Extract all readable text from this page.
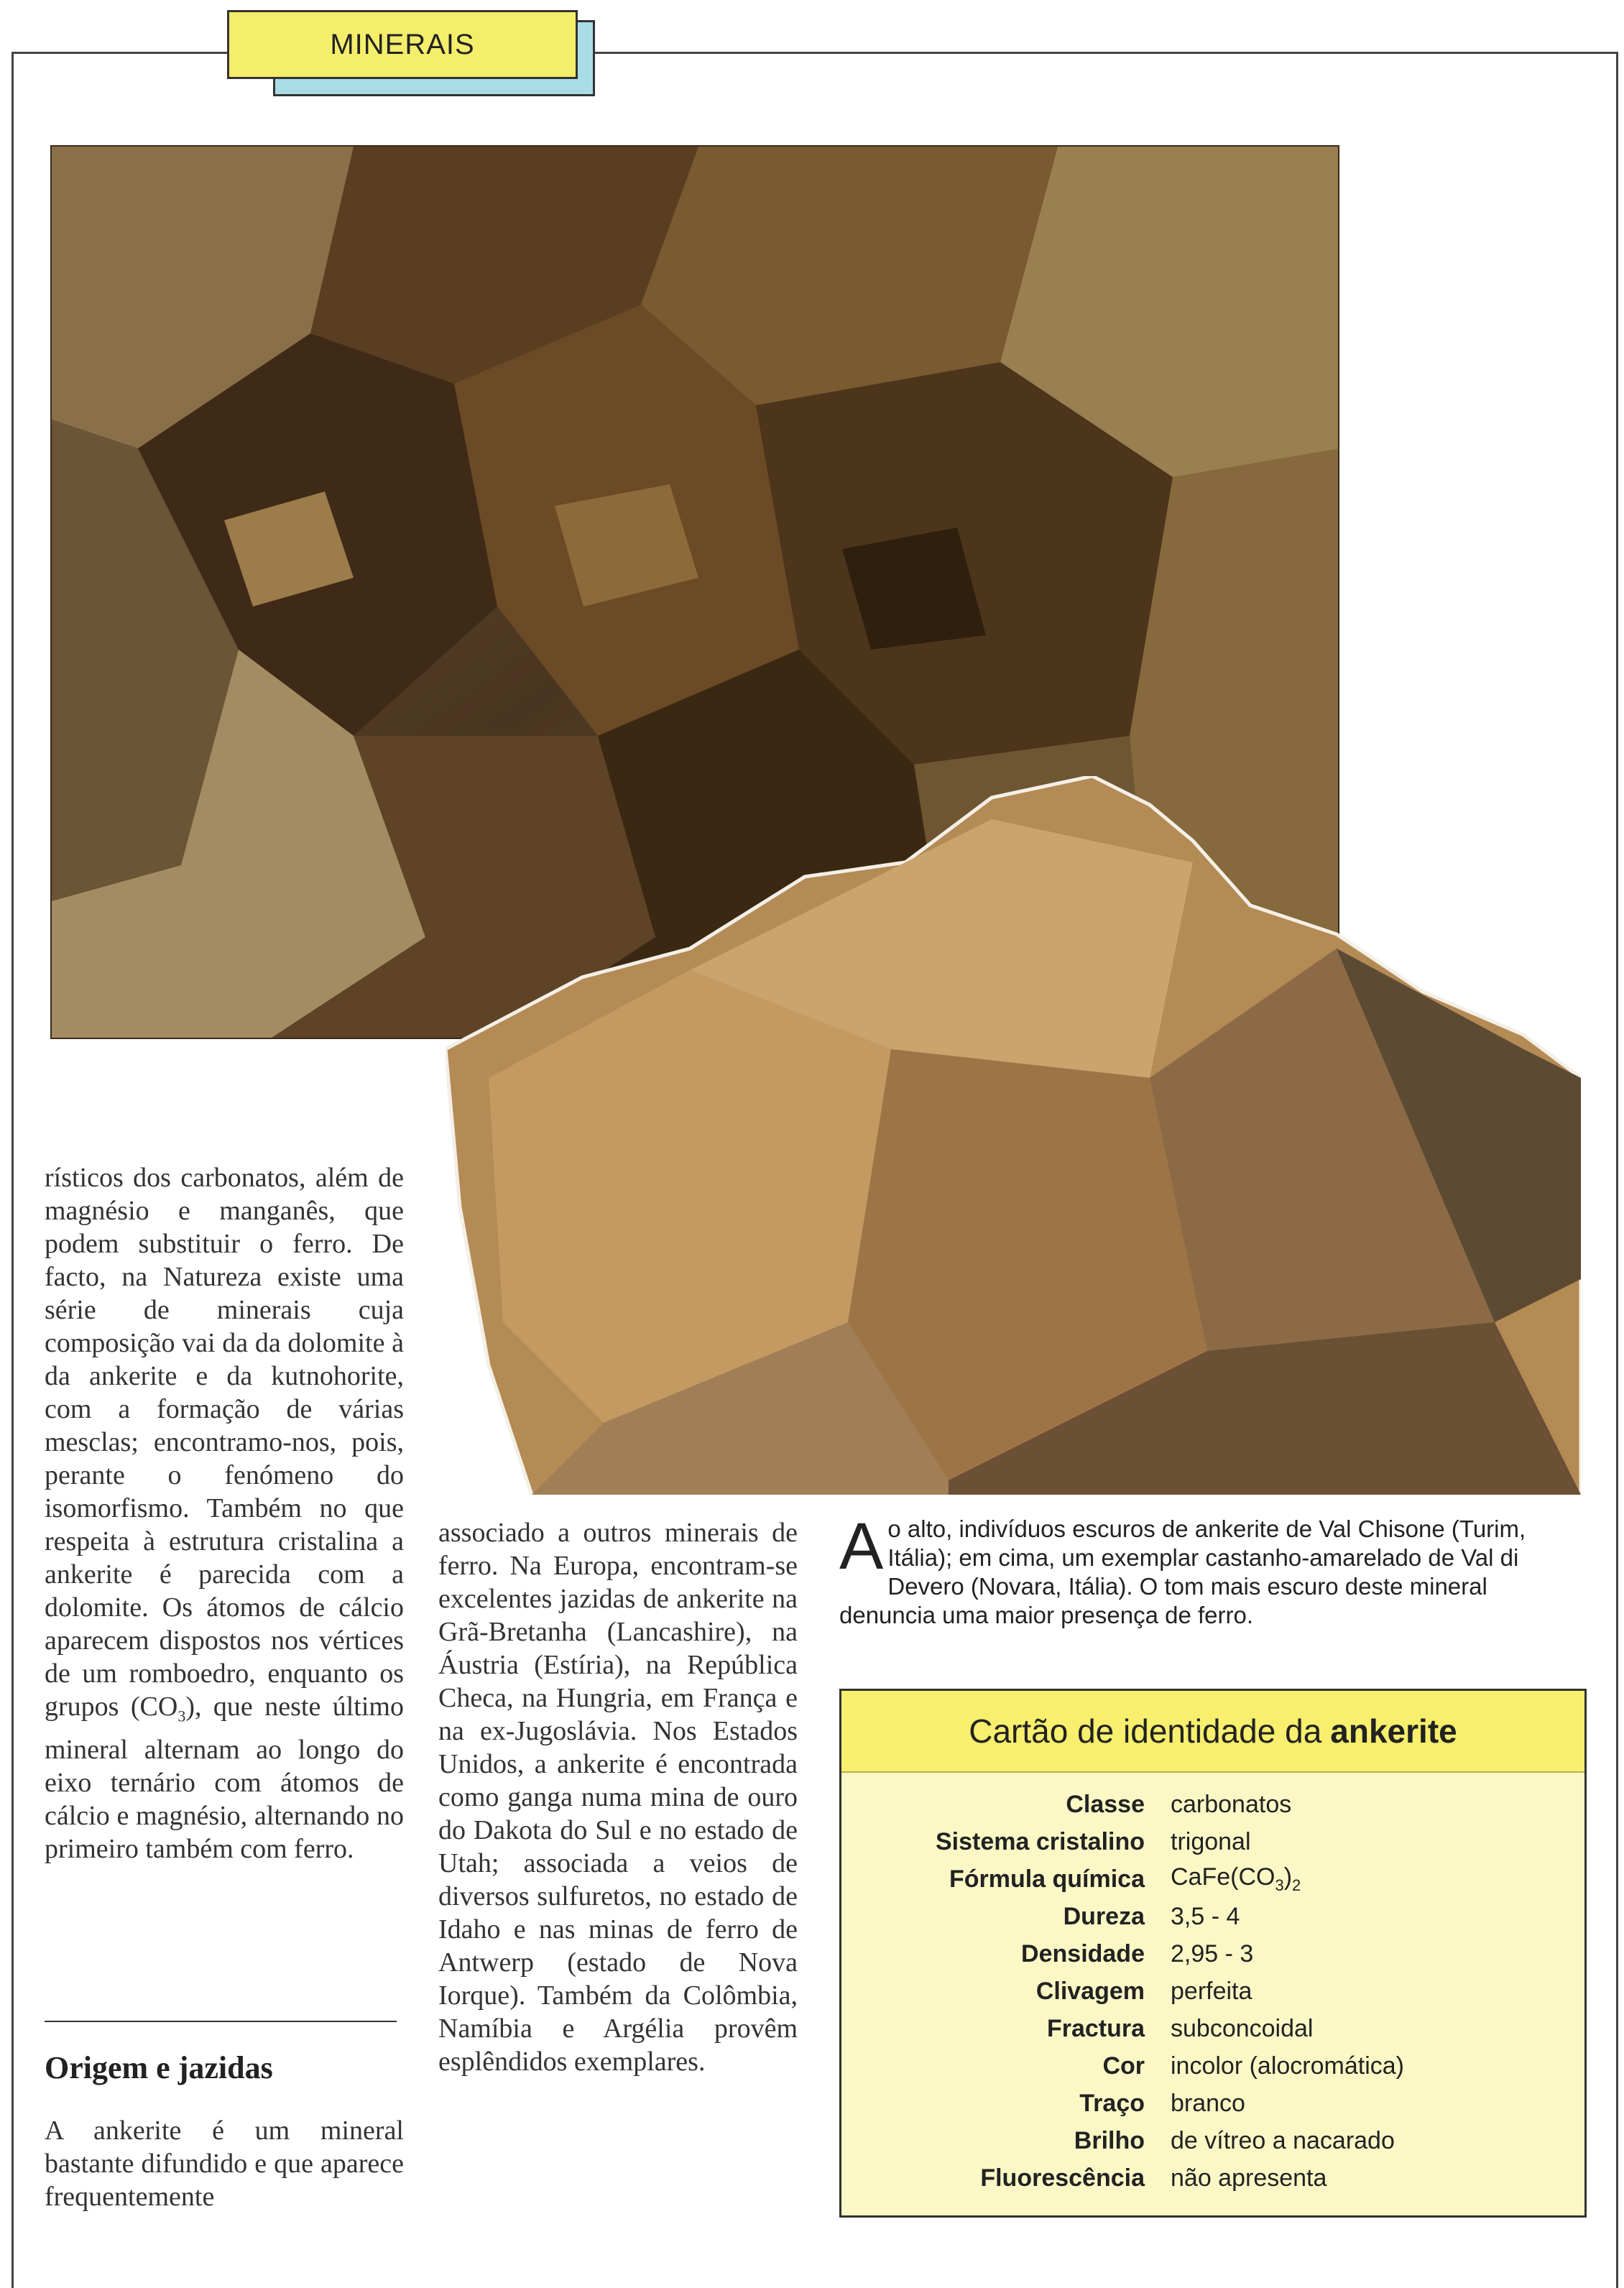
MINERAIS
rísticos dos carbonatos, além de magnésio e manganês, que podem substituir o ferro. De facto, na Natureza existe uma série de minerais cuja composição vai da da dolomite à da ankerite e da kutnohorite, com a formação de várias mesclas; encontramo-nos, pois, perante o fenómeno do isomorfismo. Também no que respeita à estrutura cristalina a ankerite é parecida com a dolomite. Os átomos de cálcio aparecem dispostos nos vértices de um romboedro, enquanto os grupos $(CO_3)$, que neste último mineral alternam ao longo do eixo ternário com átomos de cálcio e magnésio, alternando no primeiro também com ferro.
Origem e jazidas
A ankerite é um mineral bastante difundido e que aparece frequentemente
associado a outros minerais de ferro. Na Europa, encontram-se excelentes jazidas de ankerite na Grã-Bretanha (Lancashire), na Áustria (Estíria), na República Checa, na Hungria, em França e na ex-Jugoslávia. Nos Estados Unidos, a ankerite é encontrada como ganga numa mina de ouro do Dakota do Sul e no estado de Utah; associada a veios de diversos sulfuretos, no estado de Idaho e nas minas de ferro de Antwerp (estado de Nova Iorque). Também da Colômbia, Namíbia e Argélia provêm esplêndidos exemplares.
A o alto, indivíduos escuros de ankerite de Val Chisone (Turim, Itália); em cima, um exemplar castanho-amarelado de Val di Devero (Novara, Itália). O tom mais escuro deste mineral denuncia uma maior presença de ferro.
Cartão de identidade da ankerite
Classe	carbonatos
Sistema cristalino	trigonal
Fórmula química	$CaFe(CO_3)_2$
Dureza	3,5 - 4
Densidade	2,95 - 3
Clivagem	perfeita
Fractura	subconcoidal
Cor	incolor (alocromática)
Traço	branco
Brilho	de vítreo a nacarado
Fluorescência	não apresenta
